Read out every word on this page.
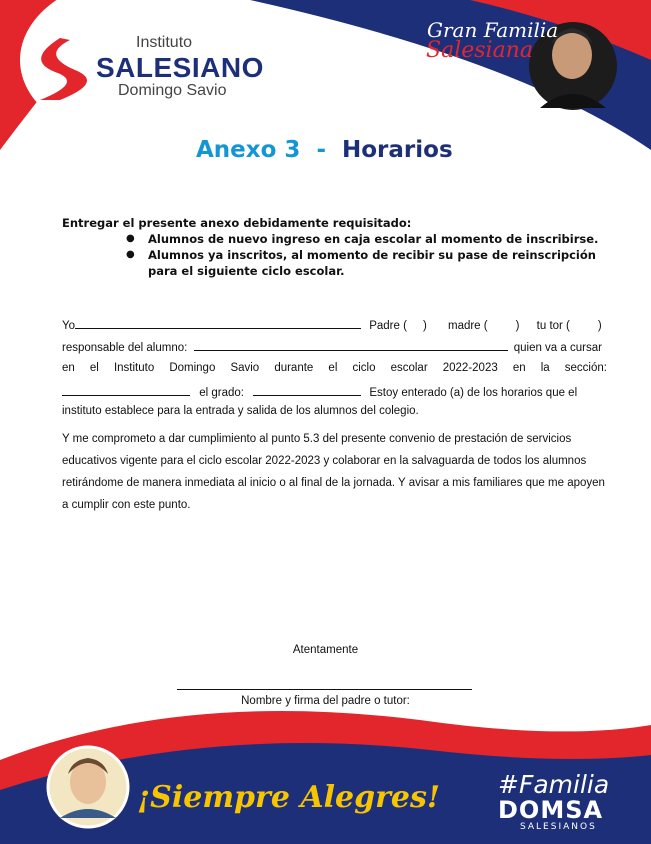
Instituto
SALESIANO
Domingo Savio
Gran Familia
Salesiana
Anexo 3 - Horarios
Entregar el presente anexo debidamente requisitado:
● Alumnos de nuevo ingreso en caja escolar al momento de inscribirse.
● Alumnos ya inscritos, al momento de recibir su pase de reinscripción para el siguiente ciclo escolar.
Yo	Padre ( ) madre ( ) tu tor ( )
responsable del alumno:	quien va a cursar
en el Instituto Domingo Savio durante el ciclo escolar 2022-2023 en la sección:
el grado:	Estoy enterado (a) de los horarios que el
instituto establece para la entrada y salida de los alumnos del colegio.
Y me comprometo a dar cumplimiento al punto 5.3 del presente convenio de prestación de servicios educativos vigente para el ciclo escolar 2022-2023 y colaborar en la salvaguarda de todos los alumnos retirándome de manera inmediata al inicio o al final de la jornada. Y avisar a mis familiares que me apoyen a cumplir con este punto.
Atentamente
Nombre y firma del padre o tutor:
¡Siempre Alegres! #Familia
DOMSA
SALESIANOS
